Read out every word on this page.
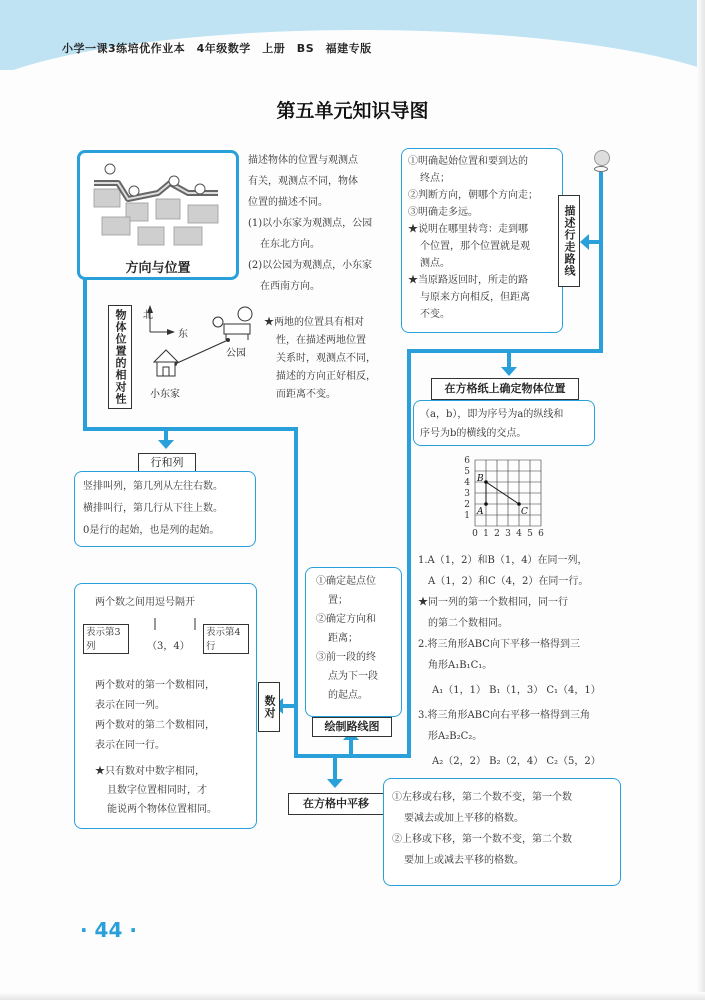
小学一课3练培优作业本　4年级数学　上册　BS　福建专版
第五单元知识导图
方向与位置
描述物体的位置与观测点
有关，观测点不同，物体
位置的描述不同。
(1)以小东家为观测点，公园
在东北方向。
(2)以公园为观测点，小东家
在西南方向。
物体位置的相对性	北
东
公园
小东家
★两地的位置具有相对
性，在描述两地位置
关系时，观测点不同，
描述的方向正好相反，
而距离不变。
①明确起始位置和要到达的
终点；
②判断方向，朝哪个方向走；
③明确走多远。
★说明在哪里转弯：走到哪
个位置，那个位置就是观
测点。
★当原路返回时，所走的路
与原来方向相反，但距离
不变。
描述行走路线
在方格纸上确定物体位置
（a，b），即为序号为a的纵线和
序号为b的横线的交点。
0 1 2 3 4 5 6
1
2
3
4
5
6
A
B
C
1.A（1，2）和B（1，4）在同一列，
A（1，2）和C（4，2）在同一行。
★同一列的第一个数相同，同一行
的第二个数相同。
2.将三角形ABC向下平移一格得到三
角形A₁B₁C₁。
A₁（1，1） B₁（1，3） C₁（4，1）
3.将三角形ABC向右平移一格得到三角
形A₂B₂C₂。
A₂（2，2） B₂（2，4） C₂（5，2）
行和列
竖排叫列，第几列从左往右数。
横排叫行，第几行从下往上数。
0是行的起始，也是列的起始。
两个数之间用逗号隔开
表示第3列	（3，4）
表示第4行
两个数对的第一个数相同，
表示在同一列。
两个数对的第二个数相同，
表示在同一行。
★只有数对中数字相同，
且数字位置相同时，才
能说两个物体位置相同。
数对
①确定起点位
置；
②确定方向和
距离；
③前一段的终
点为下一段
的起点。
绘制路线图
在方格中平移	①左移或右移，第二个数不变，第一个数
要减去或加上平移的格数。
②上移或下移，第一个数不变，第二个数
要加上或减去平移的格数。
· 44 ·
